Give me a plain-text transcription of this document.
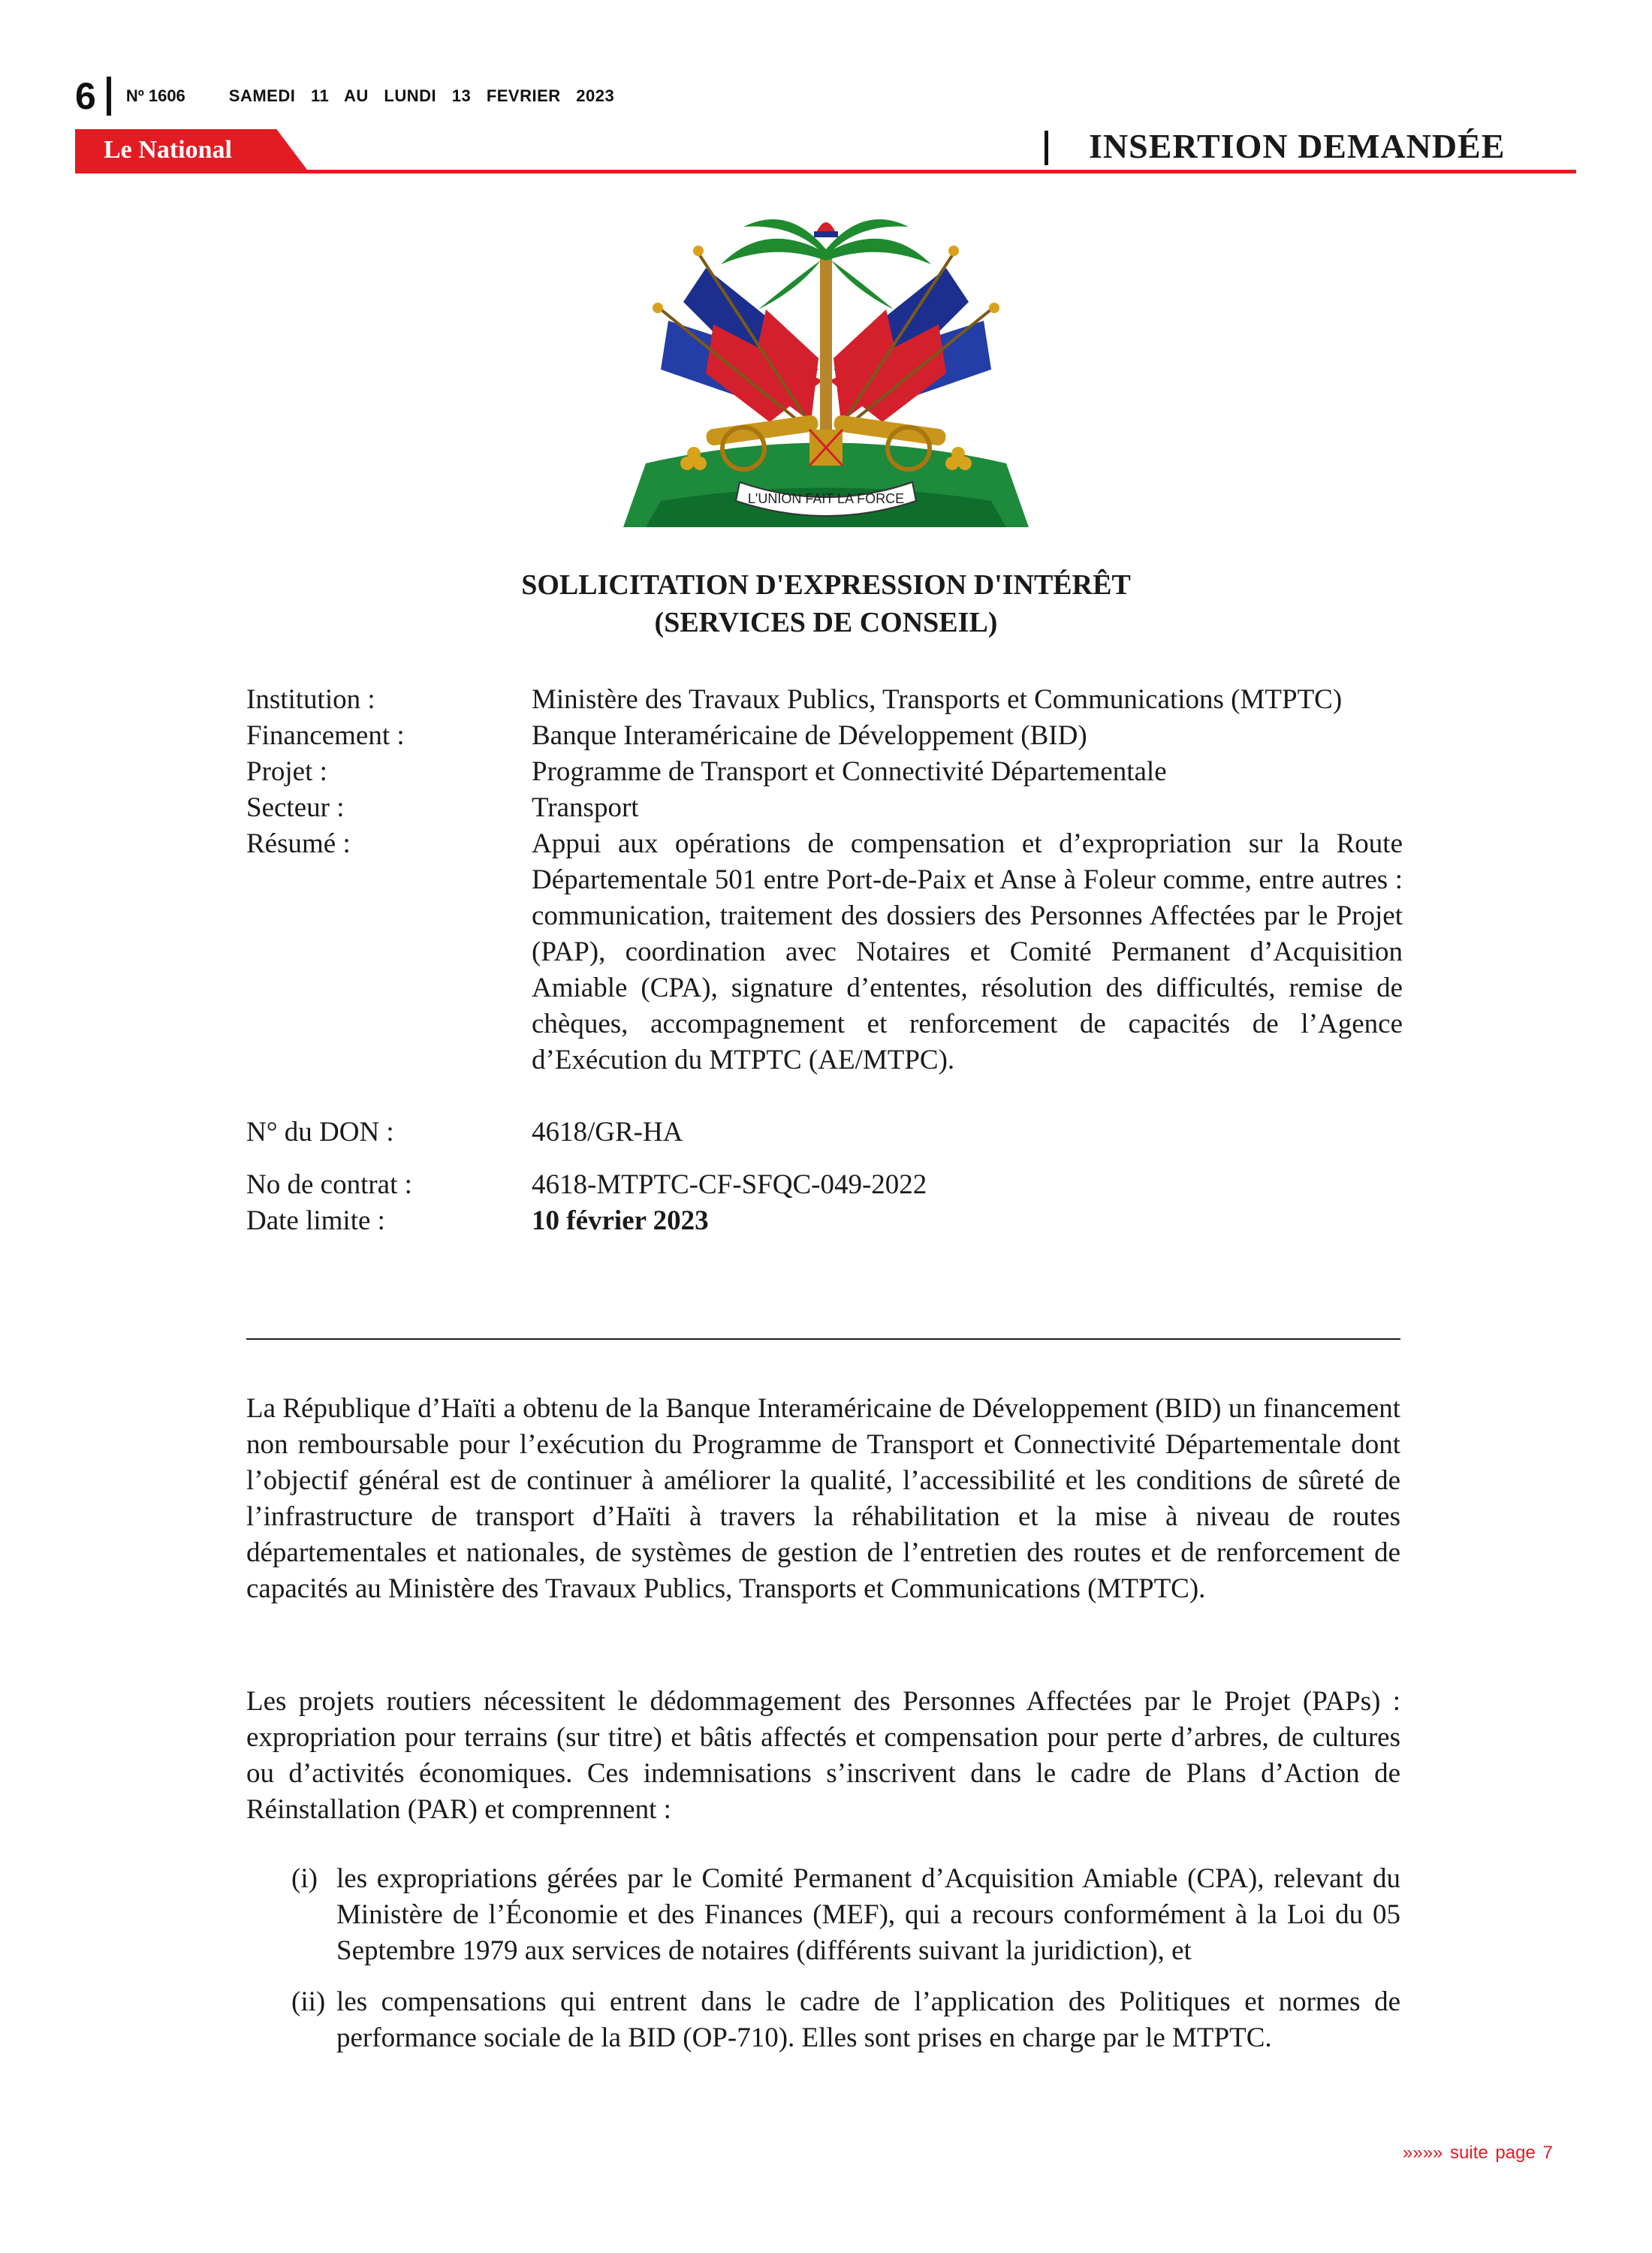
6 Nº 1606	SAMEDI 11 AU LUNDI 13 FEVRIER 2023
Le National	INSERTION DEMANDÉE
L'UNION FAIT LA FORCE
SOLLICITATION D'EXPRESSION D'INTÉRÊT
(SERVICES DE CONSEIL)
Institution :	Ministère des Travaux Publics, Transports et Communications (MTPTC)
Financement :	Banque Interaméricaine de Développement (BID)
Projet :	Programme de Transport et Connectivité Départementale
Secteur :	Transport
Résumé :	Appui aux opérations de compensation et d’expropriation sur la Route Départementale 501 entre Port-de-Paix et Anse à Foleur comme, entre autres : communication, traitement des dossiers des Personnes Affectées par le Projet (PAP), coordination avec Notaires et Comité Permanent d’Acquisition Amiable (CPA), signature d’ententes, résolution des difficultés, remise de chèques, accompagnement et renforcement de capacités de l’Agence d’Exécution du MTPTC (AE/MTPC).
N° du DON :	4618/GR-HA
No de contrat :	4618-MTPTC-CF-SFQC-049-2022
Date limite :	10 février 2023
La République d’Haïti a obtenu de la Banque Interaméricaine de Développement (BID) un financement non remboursable pour l’exécution du Programme de Transport et Connectivité Départementale dont l’objectif général est de continuer à améliorer la qualité, l’accessibilité et les conditions de sûreté de l’infrastructure de transport d’Haïti à travers la réhabilitation et la mise à niveau de routes départementales et nationales, de systèmes de gestion de l’entretien des routes et de renforcement de capacités au Ministère des Travaux Publics, Transports et Communications (MTPTC).
Les projets routiers nécessitent le dédommagement des Personnes Affectées par le Projet (PAPs) : expropriation pour terrains (sur titre) et bâtis affectés et compensation pour perte d’arbres, de cultures ou d’activités économiques. Ces indemnisations s’inscrivent dans le cadre de Plans d’Action de Réinstallation (PAR) et comprennent :
(i) les expropriations gérées par le Comité Permanent d’Acquisition Amiable (CPA), relevant du Ministère de l’Économie et des Finances (MEF), qui a recours conformément à la Loi du 05 Septembre 1979 aux services de notaires (différents suivant la juridiction), et
(ii) les compensations qui entrent dans le cadre de l’application des Politiques et normes de performance sociale de la BID (OP-710). Elles sont prises en charge par le MTPTC.
»»»» suite page 7
